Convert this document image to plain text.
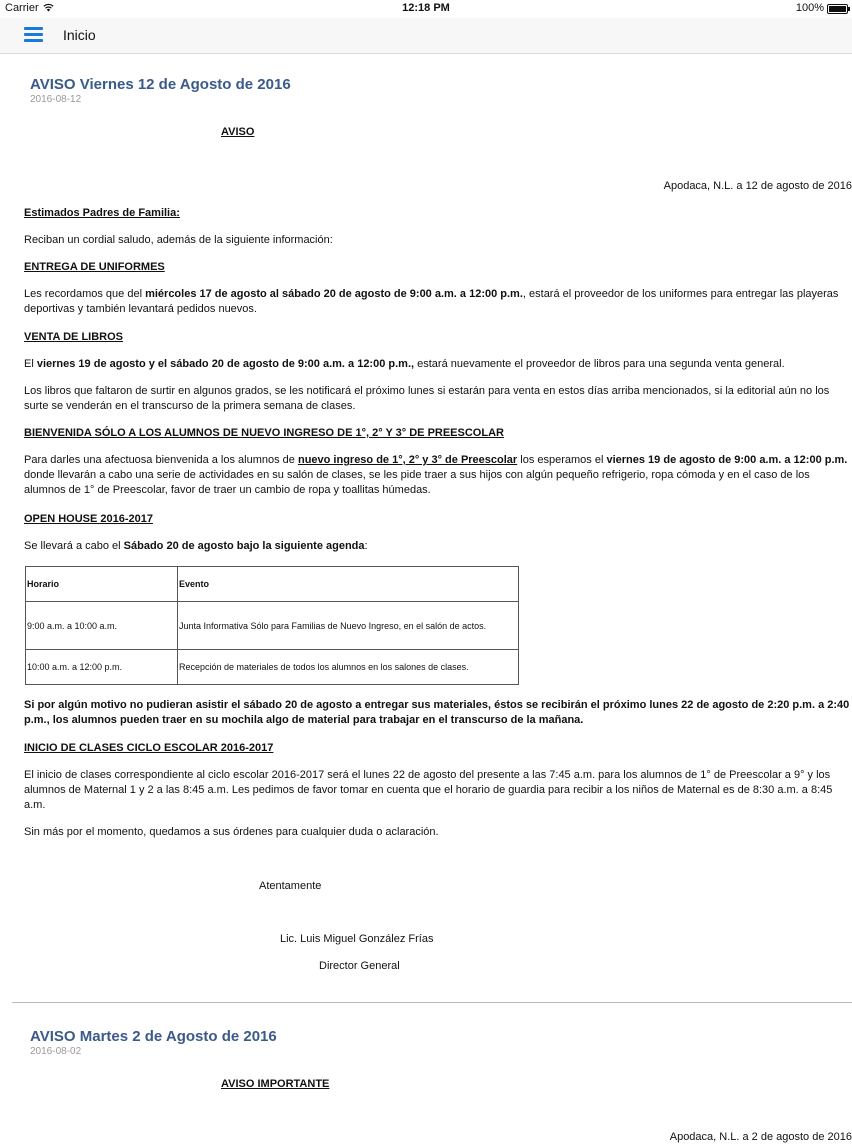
Carrier	12:18 PM	100%
Inicio
AVISO Viernes 12 de Agosto de 2016
2016-08-12
AVISO
Apodaca, N.L. a 12 de agosto de 2016
Estimados Padres de Familia:
Reciban un cordial saludo, además de la siguiente información:
ENTREGA DE UNIFORMES
Les recordamos que del miércoles 17 de agosto al sábado 20 de agosto de 9:00 a.m. a 12:00 p.m., estará el proveedor de los uniformes para entregar las playeras deportivas y también levantará pedidos nuevos.
VENTA DE LIBROS
El viernes 19 de agosto y el sábado 20 de agosto de 9:00 a.m. a 12:00 p.m., estará nuevamente el proveedor de libros para una segunda venta general.
Los libros que faltaron de surtir en algunos grados, se les notificará el próximo lunes si estarán para venta en estos días arriba mencionados, si la editorial aún no los surte se venderán en el transcurso de la primera semana de clases.
BIENVENIDA SÓLO A LOS ALUMNOS DE NUEVO INGRESO DE 1°, 2° Y 3° DE PREESCOLAR
Para darles una afectuosa bienvenida a los alumnos de nuevo ingreso de 1°, 2° y 3° de Preescolar los esperamos el viernes 19 de agosto de 9:00 a.m. a 12:00 p.m. donde llevarán a cabo una serie de actividades en su salón de clases, se les pide traer a sus hijos con algún pequeño refrigerio, ropa cómoda y en el caso de los alumnos de 1° de Preescolar, favor de traer un cambio de ropa y toallitas húmedas.
OPEN HOUSE 2016-2017
Se llevará a cabo el Sábado 20 de agosto bajo la siguiente agenda:
Horario	Evento
9:00 a.m. a 10:00 a.m.	Junta Informativa Sólo para Familias de Nuevo Ingreso, en el salón de actos.
10:00 a.m. a 12:00 p.m.	Recepción de materiales de todos los alumnos en los salones de clases.
Si por algún motivo no pudieran asistir el sábado 20 de agosto a entregar sus materiales, éstos se recibirán el próximo lunes 22 de agosto de 2:20 p.m. a 2:40 p.m., los alumnos pueden traer en su mochila algo de material para trabajar en el transcurso de la mañana.
INICIO DE CLASES CICLO ESCOLAR 2016-2017
El inicio de clases correspondiente al ciclo escolar 2016-2017 será el lunes 22 de agosto del presente a las 7:45 a.m. para los alumnos de 1° de Preescolar a 9° y los alumnos de Maternal 1 y 2 a las 8:45 a.m. Les pedimos de favor tomar en cuenta que el horario de guardia para recibir a los niños de Maternal es de 8:30 a.m. a 8:45 a.m.
Sin más por el momento, quedamos a sus órdenes para cualquier duda o aclaración.
Atentamente
Lic. Luis Miguel González Frías
Director General
AVISO Martes 2 de Agosto de 2016
2016-08-02
AVISO IMPORTANTE
Apodaca, N.L. a 2 de agosto de 2016
